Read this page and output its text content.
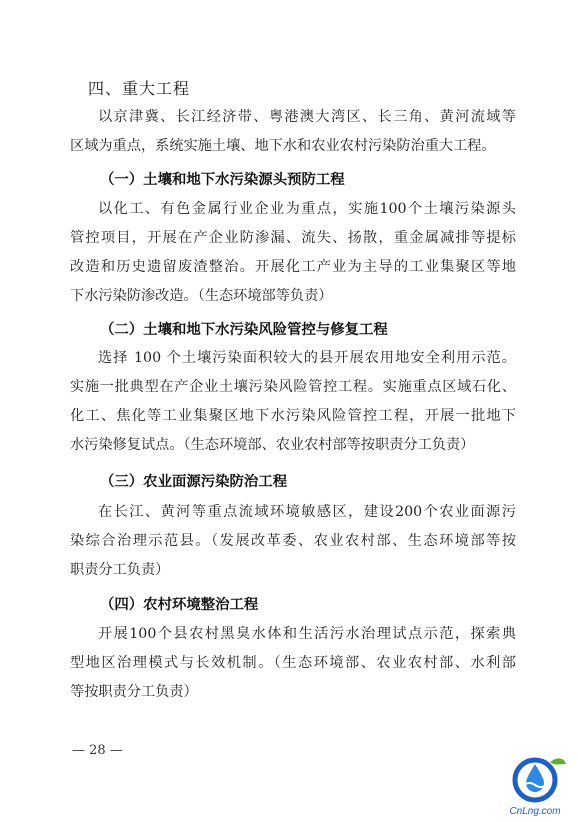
四、重大工程
以京津冀、长江经济带、粤港澳大湾区、长三角、黄河流域等
区域为重点，系统实施土壤、地下水和农业农村污染防治重大工程。
（一）土壤和地下水污染源头预防工程
以化工、有色金属行业企业为重点，实施100个土壤污染源头
管控项目，开展在产企业防渗漏、流失、扬散，重金属减排等提标
改造和历史遗留废渣整治。开展化工产业为主导的工业集聚区等地
下水污染防渗改造。（生态环境部等负责）
（二）土壤和地下水污染风险管控与修复工程
选择 100 个土壤污染面积较大的县开展农用地安全利用示范。
实施一批典型在产企业土壤污染风险管控工程。实施重点区域石化、
化工、焦化等工业集聚区地下水污染风险管控工程，开展一批地下
水污染修复试点。（生态环境部、农业农村部等按职责分工负责）
（三）农业面源污染防治工程
在长江、黄河等重点流域环境敏感区，建设200个农业面源污
染综合治理示范县。（发展改革委、农业农村部、生态环境部等按
职责分工负责）
（四）农村环境整治工程
开展100个县农村黑臭水体和生活污水治理试点示范，探索典
型地区治理模式与长效机制。（生态环境部、农业农村部、水利部
等按职责分工负责）
— 28 —
CnLng.com
